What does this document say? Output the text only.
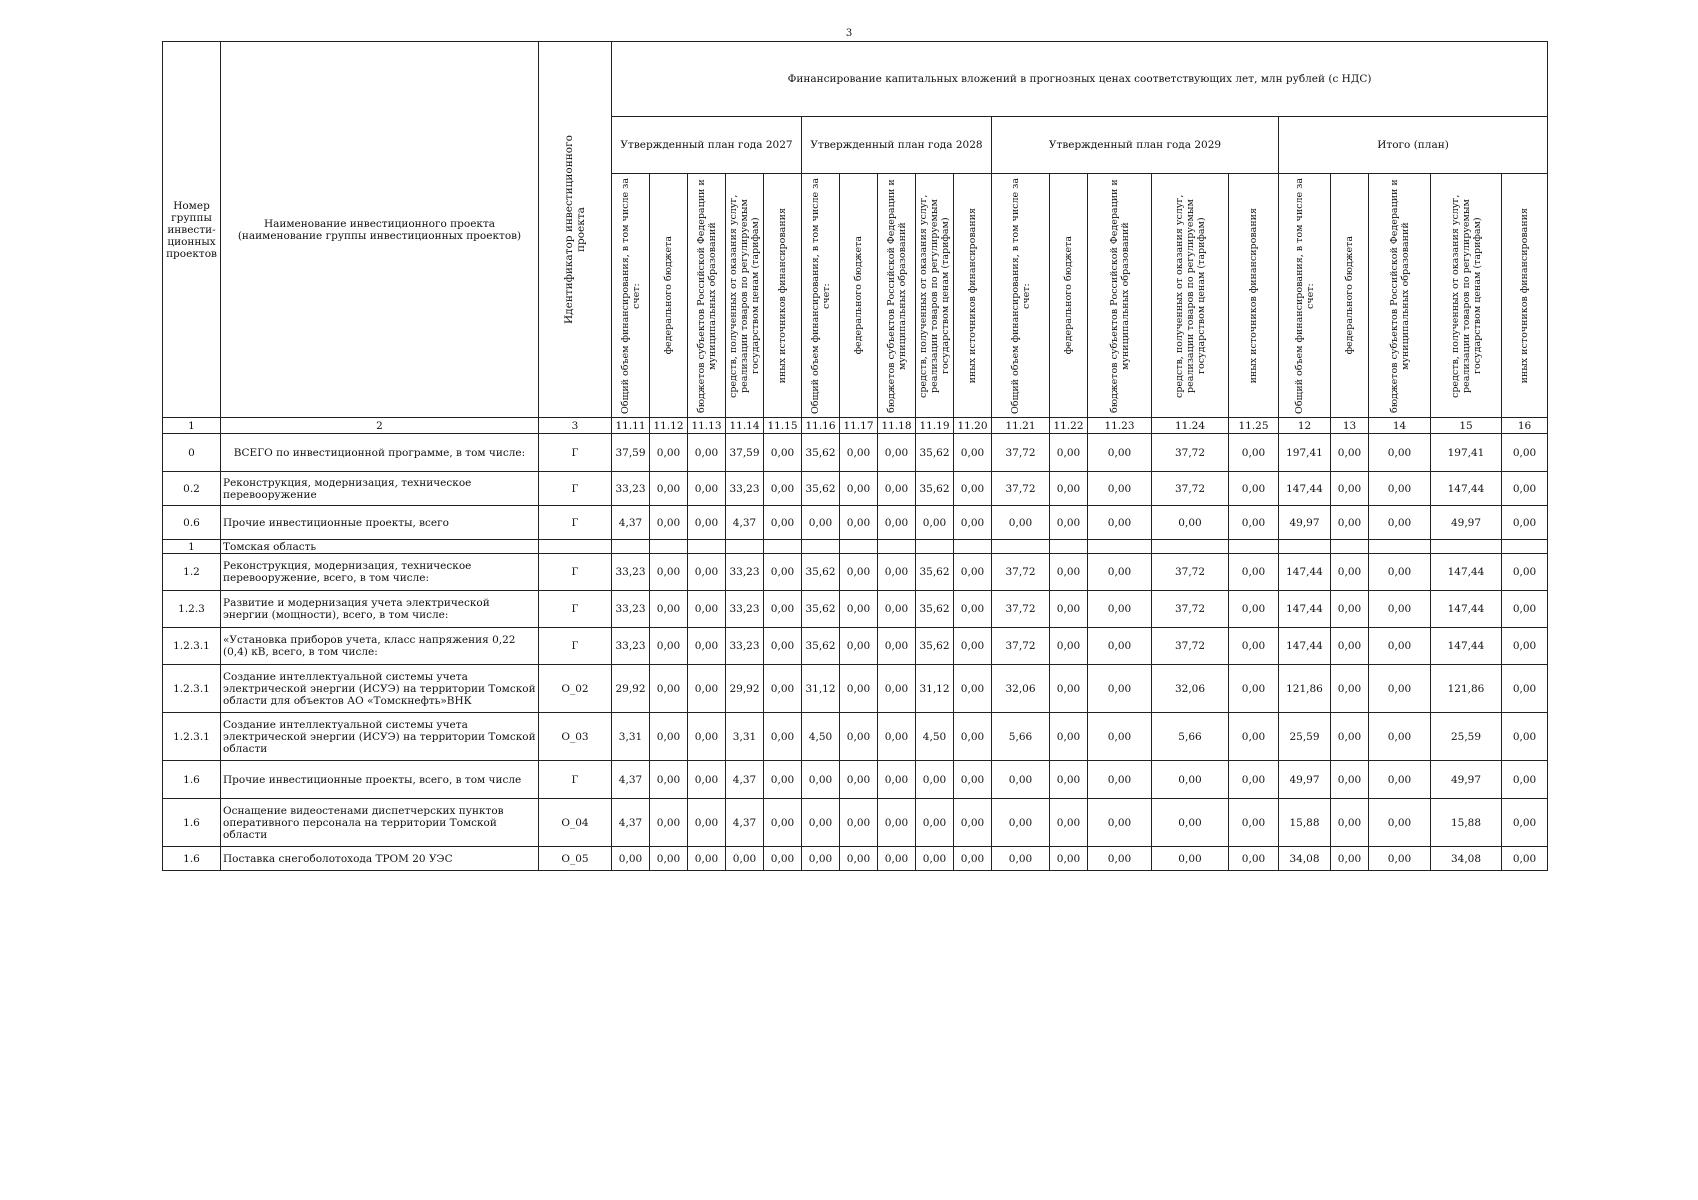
3
Номер группы инвести-ционных проектов	Наименование инвестиционного проекта (наименование группы инвестиционных проектов)	Идентификатор инвестиционного проекта	Финансирование капитальных вложений в прогнозных ценах соответствующих лет, млн рублей (с НДС)																			
			Утвержденный план года 2027					Утвержденный план года 2028					Утвержденный план года 2029					Итого (план)				

			Общий объем финансирования, в том числе за счет:	федерального бюджета	бюджетов субъектов Российской Федерации и муниципальных образований	средств, полученных от оказания услуг, реализации товаров по регулируемым государством ценам (тарифам)	иных источников финансирования	Общий объем финансирования, в том числе за счет:	федерального бюджета	бюджетов субъектов Российской Федерации и муниципальных образований	средств, полученных от оказания услуг, реализации товаров по регулируемым государством ценам (тарифам)	иных источников финансирования	Общий объем финансирования, в том числе за счет:	федерального бюджета	бюджетов субъектов Российской Федерации и муниципальных образований	средств, полученных от оказания услуг, реализации товаров по регулируемым государством ценам (тарифам)	иных источников финансирования	Общий объем финансирования, в том числе за счет:	федерального бюджета	бюджетов субъектов Российской Федерации и муниципальных образований	средств, полученных от оказания услуг, реализации товаров по регулируемым государством ценам (тарифам)	иных источников финансирования

1	2	3	11.11	11.12	11.13	11.14	11.15	11.16	11.17	11.18	11.19	11.20	11.21	11.22	11.23	11.24	11.25	12	13	14	15	16
0	ВСЕГО по инвестиционной программе, в том числе:	Г	37,59	0,00	0,00	37,59	0,00	35,62	0,00	0,00	35,62	0,00	37,72	0,00	0,00	37,72	0,00	197,41	0,00	0,00	197,41	0,00
0.2	Реконструкция, модернизация, техническое перевооружение	Г	33,23	0,00	0,00	33,23	0,00	35,62	0,00	0,00	35,62	0,00	37,72	0,00	0,00	37,72	0,00	147,44	0,00	0,00	147,44	0,00
0.6	Прочие инвестиционные проекты, всего	Г	4,37	0,00	0,00	4,37	0,00	0,00	0,00	0,00	0,00	0,00	0,00	0,00	0,00	0,00	0,00	49,97	0,00	0,00	49,97	0,00
1	Томская область																					
1.2	Реконструкция, модернизация, техническое перевооружение, всего, в том числе:	Г	33,23	0,00	0,00	33,23	0,00	35,62	0,00	0,00	35,62	0,00	37,72	0,00	0,00	37,72	0,00	147,44	0,00	0,00	147,44	0,00
1.2.3	Развитие и модернизация учета электрической энергии (мощности), всего, в том числе:	Г	33,23	0,00	0,00	33,23	0,00	35,62	0,00	0,00	35,62	0,00	37,72	0,00	0,00	37,72	0,00	147,44	0,00	0,00	147,44	0,00
1.2.3.1	«Установка приборов учета, класс напряжения 0,22 (0,4) кВ, всего, в том числе:	Г	33,23	0,00	0,00	33,23	0,00	35,62	0,00	0,00	35,62	0,00	37,72	0,00	0,00	37,72	0,00	147,44	0,00	0,00	147,44	0,00
1.2.3.1	Создание интеллектуальной системы учета электрической энергии (ИСУЭ) на территории Томской области для объектов АО «Томскнефть»ВНК	О_02	29,92	0,00	0,00	29,92	0,00	31,12	0,00	0,00	31,12	0,00	32,06	0,00	0,00	32,06	0,00	121,86	0,00	0,00	121,86	0,00
1.2.3.1	Создание интеллектуальной системы учета электрической энергии (ИСУЭ) на территории Томской области	О_03	3,31	0,00	0,00	3,31	0,00	4,50	0,00	0,00	4,50	0,00	5,66	0,00	0,00	5,66	0,00	25,59	0,00	0,00	25,59	0,00
1.6	Прочие инвестиционные проекты, всего, в том числе	Г	4,37	0,00	0,00	4,37	0,00	0,00	0,00	0,00	0,00	0,00	0,00	0,00	0,00	0,00	0,00	49,97	0,00	0,00	49,97	0,00
1.6	Оснащение видеостенами диспетчерских пунктов оперативного персонала на территории Томской области	О_04	4,37	0,00	0,00	4,37	0,00	0,00	0,00	0,00	0,00	0,00	0,00	0,00	0,00	0,00	0,00	15,88	0,00	0,00	15,88	0,00
1.6	Поставка снегоболотохода ТРОМ 20 УЭС	О_05	0,00	0,00	0,00	0,00	0,00	0,00	0,00	0,00	0,00	0,00	0,00	0,00	0,00	0,00	0,00	34,08	0,00	0,00	34,08	0,00
